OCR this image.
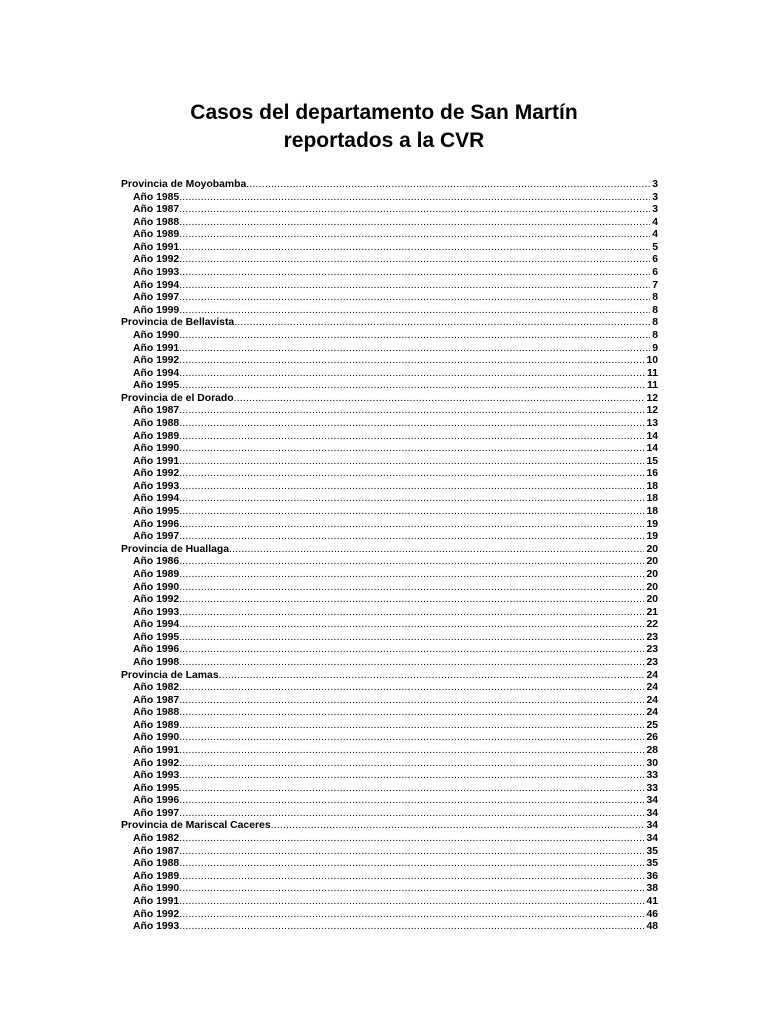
Casos del departamento de San Martín
reportados a la CVR
Provincia de Moyobamba .....	3
Año 1985 .....	3
Año 1987 .....	3
Año 1988 .....	4
Año 1989 .....	4
Año 1991 .....	5
Año 1992 .....	6
Año 1993 .....	6
Año 1994 .....	7
Año 1997 .....	8
Año 1999 .....	8
Provincia de Bellavista .....	8
Año 1990 .....	8
Año 1991 .....	9
Año 1992 .....	10
Año 1994 .....	11
Año 1995 .....	11
Provincia de el Dorado .....	12
Año 1987 .....	12
Año 1988 .....	13
Año 1989 .....	14
Año 1990 .....	14
Año 1991 .....	15
Año 1992 .....	16
Año 1993 .....	18
Año 1994 .....	18
Año 1995 .....	18
Año 1996 .....	19
Año 1997 .....	19
Provincia de Huallaga .....	20
Año 1986 .....	20
Año 1989 .....	20
Año 1990 .....	20
Año 1992 .....	20
Año 1993 .....	21
Año 1994 .....	22
Año 1995 .....	23
Año 1996 .....	23
Año 1998 .....	23
Provincia de Lamas .....	24
Año 1982 .....	24
Año 1987 .....	24
Año 1988 .....	24
Año 1989 .....	25
Año 1990 .....	26
Año 1991 .....	28
Año 1992 .....	30
Año 1993 .....	33
Año 1995 .....	33
Año 1996 .....	34
Año 1997 .....	34
Provincia de Mariscal Caceres .....	34
Año 1982 .....	34
Año 1987 .....	35
Año 1988 .....	35
Año 1989 .....	36
Año 1990 .....	38
Año 1991 .....	41
Año 1992 .....	46
Año 1993 .....	48
